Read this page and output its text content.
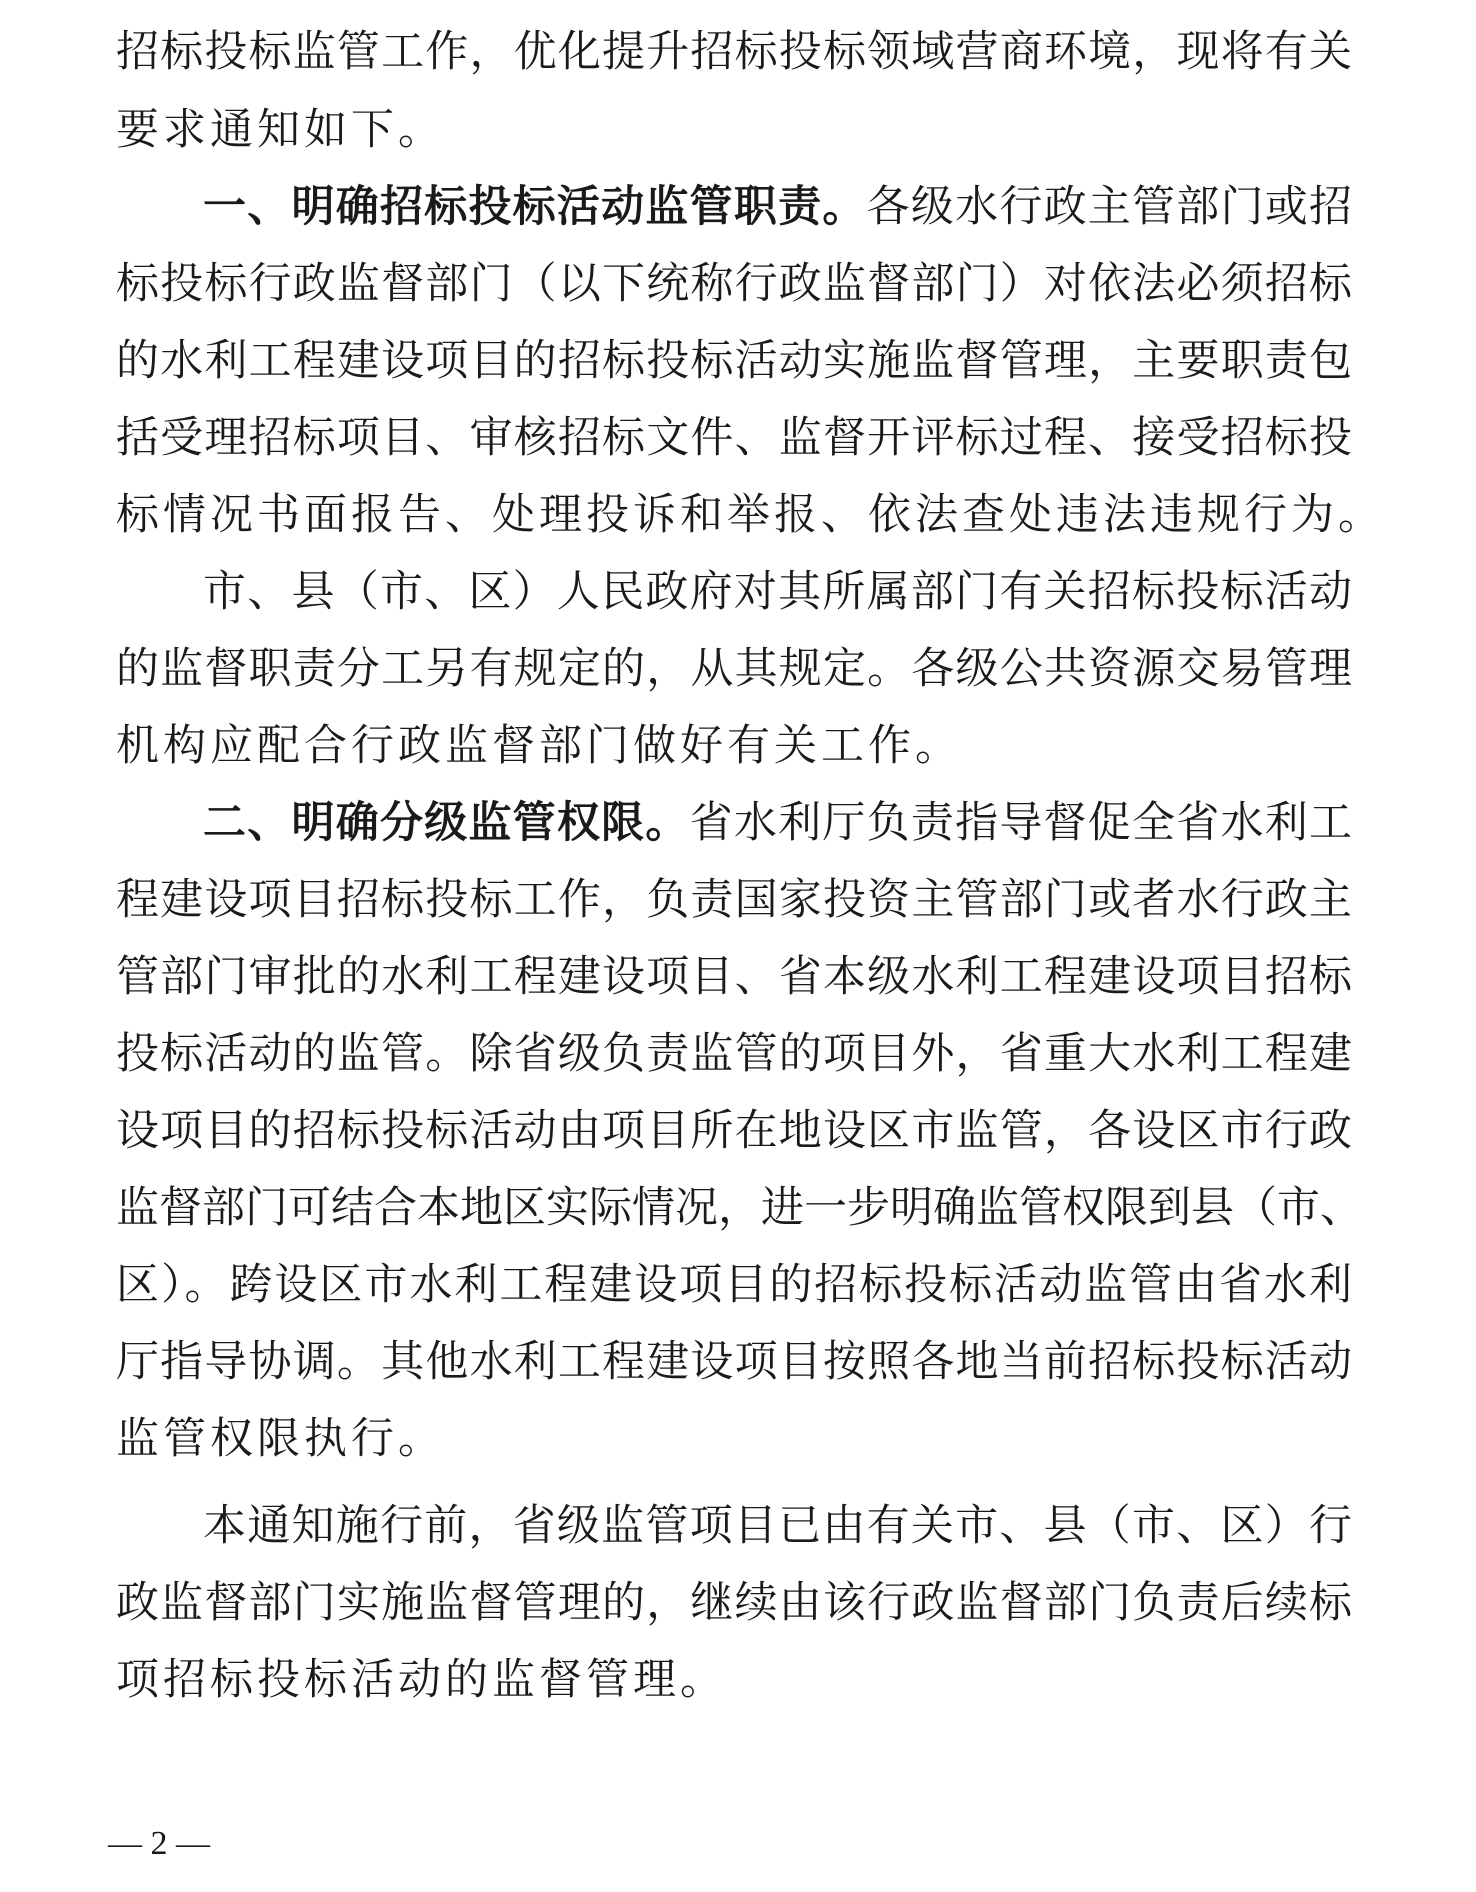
招标投标监管工作，优化提升招标投标领域营商环境，现将有关
要求通知如下。
一、明确招标投标活动监管职责。各级水行政主管部门或招
标投标行政监督部门（以下统称行政监督部门）对依法必须招标
的水利工程建设项目的招标投标活动实施监督管理，主要职责包
括受理招标项目、审核招标文件、监督开评标过程、接受招标投
标情况书面报告、处理投诉和举报、依法查处违法违规行为。
市、县（市、区）人民政府对其所属部门有关招标投标活动
的监督职责分工另有规定的，从其规定。各级公共资源交易管理
机构应配合行政监督部门做好有关工作。
二、明确分级监管权限。省水利厅负责指导督促全省水利工
程建设项目招标投标工作，负责国家投资主管部门或者水行政主
管部门审批的水利工程建设项目、省本级水利工程建设项目招标
投标活动的监管。除省级负责监管的项目外，省重大水利工程建
设项目的招标投标活动由项目所在地设区市监管，各设区市行政
监督部门可结合本地区实际情况，进一步明确监管权限到县（市、
区）。跨设区市水利工程建设项目的招标投标活动监管由省水利
厅指导协调。其他水利工程建设项目按照各地当前招标投标活动
监管权限执行。
本通知施行前，省级监管项目已由有关市、县（市、区）行
政监督部门实施监督管理的，继续由该行政监督部门负责后续标
项招标投标活动的监督管理。
— 2 —
